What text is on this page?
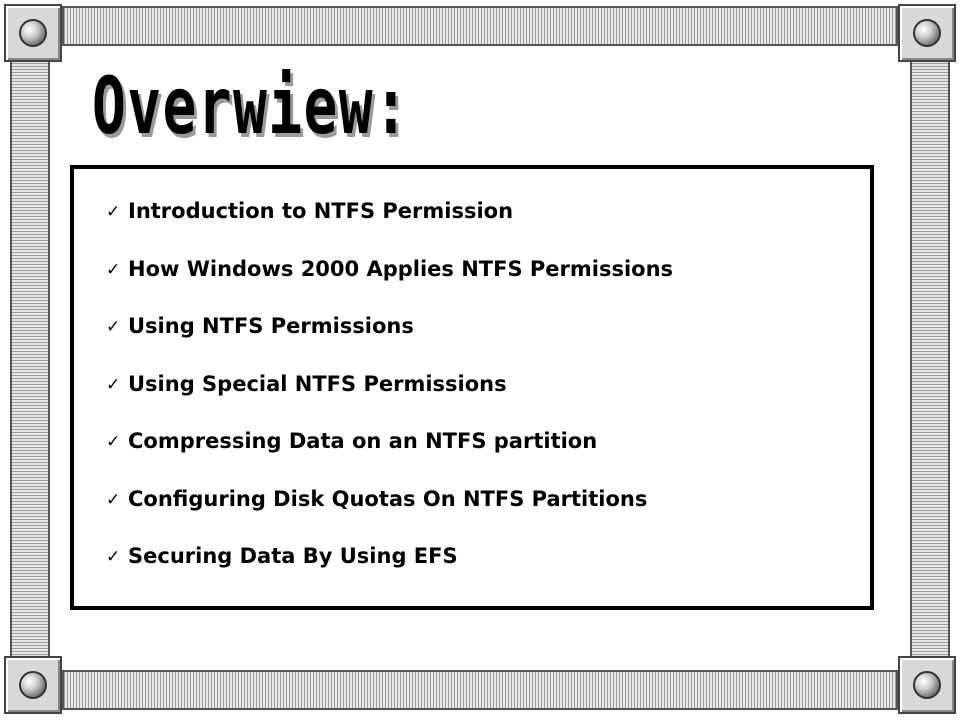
Overwiew:
✓ Introduction to NTFS Permission
✓ How Windows 2000 Applies NTFS Permissions
✓ Using NTFS Permissions
✓ Using Special NTFS Permissions
✓ Compressing Data on an NTFS partition
✓ Configuring Disk Quotas On NTFS Partitions
✓ Securing Data By Using EFS
